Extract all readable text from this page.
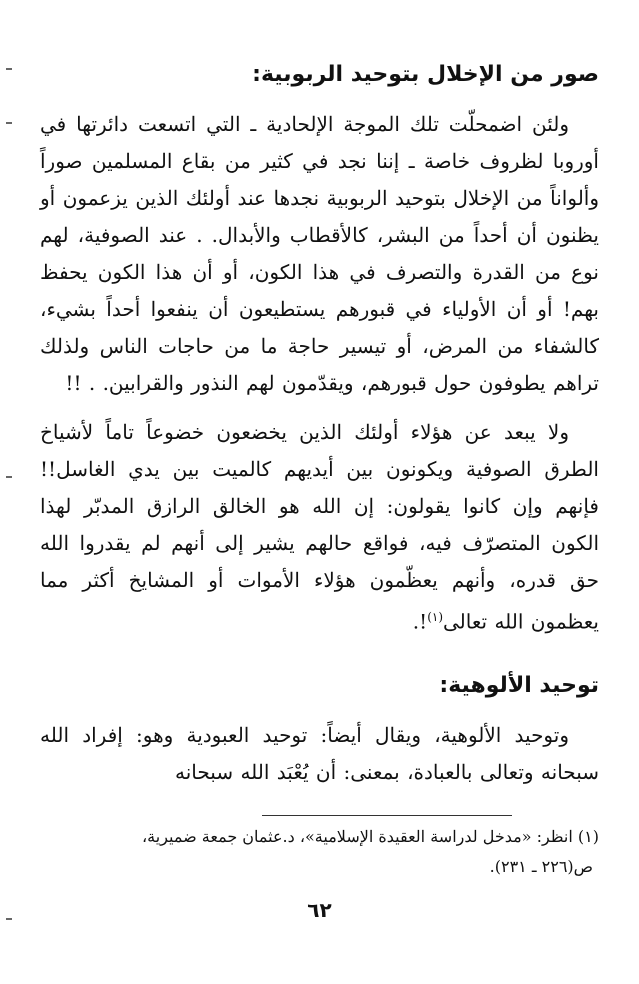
صور من الإخلال بتوحيد الربوبية:

ولئن اضمحلّت تلك الموجة الإلحادية ـ التي اتسعت دائرتها في أوروبا لظروف خاصة ـ إننا نجد في كثير من بقاع المسلمين صوراً وألواناً من الإخلال بتوحيد الربوبية نجدها عند أولئك الذين يزعمون أو يظنون أن أحداً من البشر، كالأقطاب والأبدال. . عند الصوفية، لهم نوع من القدرة والتصرف في هذا الكون، أو أن هذا الكون يحفظ بهم! أو أن الأولياء في قبورهم يستطيعون أن ينفعوا أحداً بشيء، كالشفاء من المرض، أو تيسير حاجة ما من حاجات الناس ولذلك تراهم يطوفون حول قبورهم، ويقدّمون لهم النذور والقرابين. . !!

ولا يبعد عن هؤلاء أولئك الذين يخضعون خضوعاً تاماً لأشياخ الطرق الصوفية ويكونون بين أيديهم كالميت بين يدي الغاسل!! فإنهم وإن كانوا يقولون: إن الله هو الخالق الرازق المدبّر لهذا الكون المتصرّف فيه، فواقع حالهم يشير إلى أنهم لم يقدروا الله حق قدره، وأنهم يعظّمون هؤلاء الأموات أو المشايخ أكثر مما يعظمون الله تعالى$^{(١)}$!.

توحيد الألوهية:

وتوحيد الألوهية، ويقال أيضاً: توحيد العبودية وهو: إفراد الله سبحانه وتعالى بالعبادة، بمعنى: أن يُعْبَد الله سبحانه

(١) انظر: «مدخل لدراسة العقيدة الإسلامية»، د.عثمان جمعة ضميرية،

ص(٢٢٦ ـ ٢٣١).

٦٢
